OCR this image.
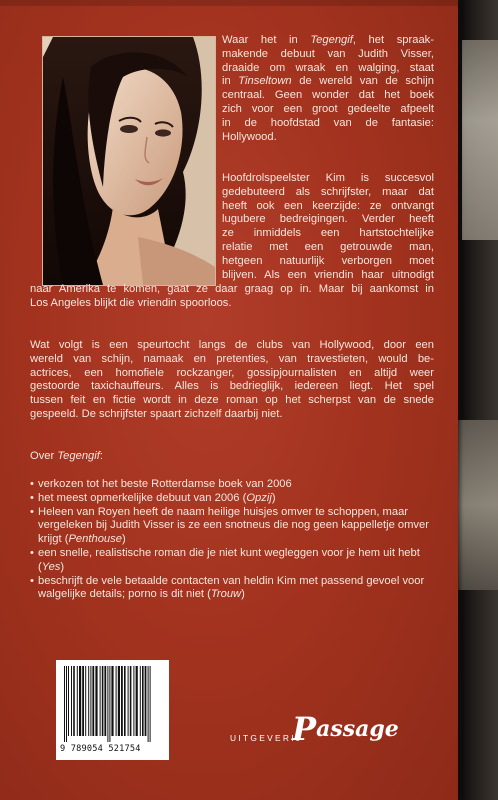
Waar het in Tegengif, het spraak-
makende debuut van Judith Visser,
draaide om wraak en walging, staat
in Tinseltown de wereld van de schijn
centraal. Geen wonder dat het boek
zich voor een groot gedeelte afpeelt
in de hoofdstad van de fantasie:
Hollywood.
Hoofdrolspeelster Kim is succesvol
gedebuteerd als schrijfster, maar dat
heeft ook een keerzijde: ze ontvangt
lugubere bedreigingen. Verder heeft
ze inmiddels een hartstochtelijke
relatie met een getrouwde man,
hetgeen natuurlijk verborgen moet
blijven. Als een vriendin haar uitnodigt
naar Amerika te komen, gaat ze daar graag op in. Maar bij aankomst in
Los Angeles blijkt die vriendin spoorloos.
Wat volgt is een speurtocht langs de clubs van Hollywood, door een
wereld van schijn, namaak en pretenties, van travestieten, would be-
actrices, een homofiele rockzanger, gossipjournalisten en altijd weer
gestoorde taxichauffeurs. Alles is bedrieglijk, iedereen liegt. Het spel
tussen feit en fictie wordt in deze roman op het scherpst van de snede
gespeeld. De schrijfster spaart zichzelf daarbij niet.

Over Tegengif:

• verkozen tot het beste Rotterdamse boek van 2006
• het meest opmerkelijke debuut van 2006 (Opzij)
• Heleen van Royen heeft de naam heilige huisjes omver te schoppen, maar vergeleken bij Judith Visser is ze een snotneus die nog geen kappelletje omver krijgt (Penthouse)
• een snelle, realistische roman die je niet kunt wegleggen voor je hem uit hebt (Yes)
• beschrijft de vele betaalde contacten van heldin Kim met passend gevoel voor walgelijke details; porno is dit niet (Trouw)
9 789054 521754
UITGEVERIJ
Passage
